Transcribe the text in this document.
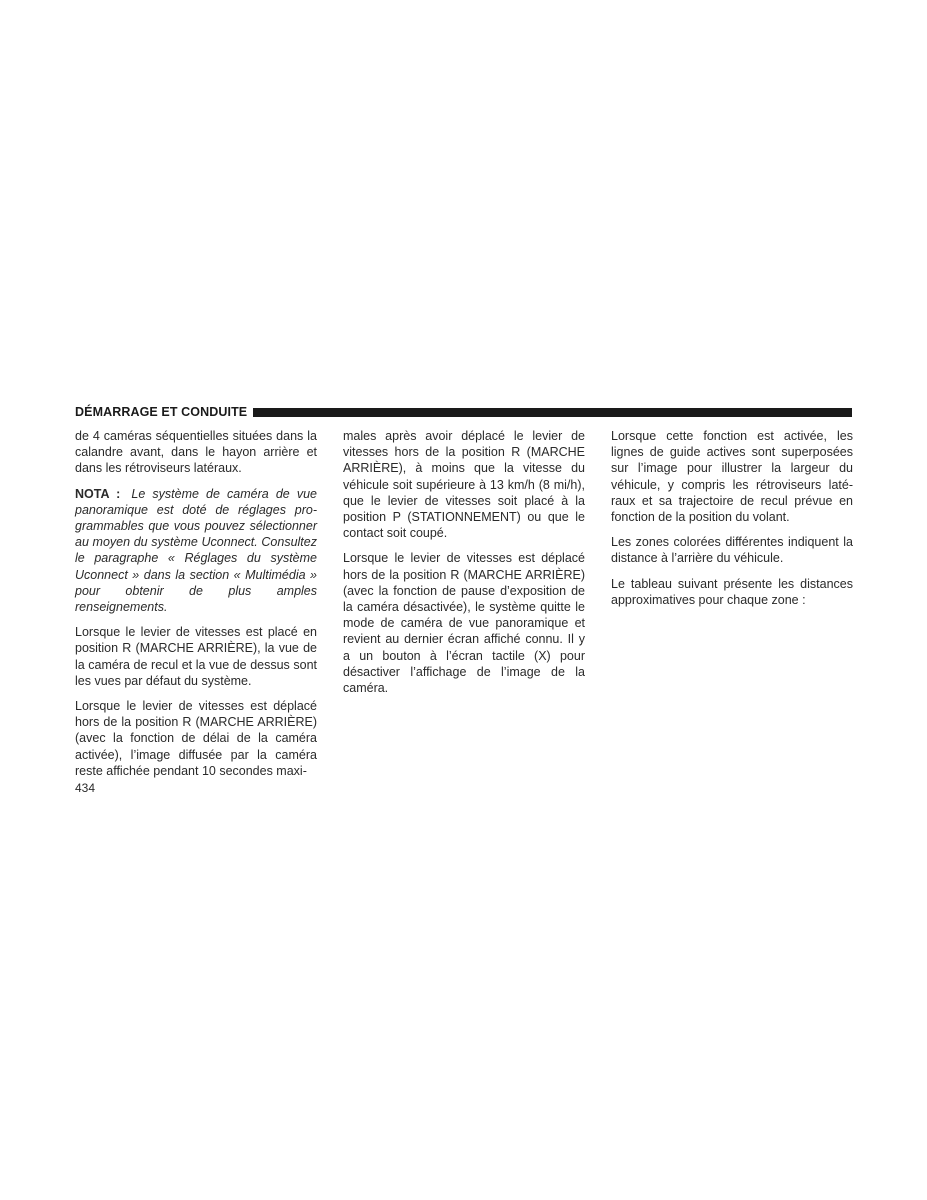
DÉMARRAGE ET CONDUITE

de 4 caméras séquentielles situées dans la calandre avant, dans le hayon arrière et dans les rétroviseurs latéraux.

NOTA : Le système de caméra de vue panoramique est doté de réglages programmables que vous pouvez sélectionner au moyen du système Uconnect. Consultez le paragraphe « Réglages du système Uconnect » dans la section « Multimédia » pour obtenir de plus amples renseignements.

Lorsque le levier de vitesses est placé en position R (MARCHE ARRIÈRE), la vue de la caméra de recul et la vue de dessus sont les vues par défaut du système.

Lorsque le levier de vitesses est déplacé hors de la position R (MARCHE ARRIÈRE) (avec la fonction de délai de la caméra activée), l’image diffusée par la caméra reste affichée pendant 10 secondes maxi-

males après avoir déplacé le levier de vitesses hors de la position R (MARCHE ARRIÈRE), à moins que la vitesse du véhicule soit supérieure à 13 km/h (8 mi/h), que le levier de vitesses soit placé à la position P (STATIONNEMENT) ou que le contact soit coupé.

Lorsque le levier de vitesses est déplacé hors de la position R (MARCHE ARRIÈRE) (avec la fonction de pause d’exposition de la caméra désactivée), le système quitte le mode de caméra de vue panoramique et revient au dernier écran affiché connu. Il y a un bouton à l’écran tactile (X) pour désactiver l’affichage de l’image de la caméra.

Lorsque cette fonction est activée, les lignes de guide actives sont superposées sur l’image pour illustrer la largeur du véhicule, y compris les rétroviseurs latéraux et sa trajectoire de recul prévue en fonction de la position du volant.

Les zones colorées différentes indiquent la distance à l’arrière du véhicule.

Le tableau suivant présente les distances approximatives pour chaque zone :

434
